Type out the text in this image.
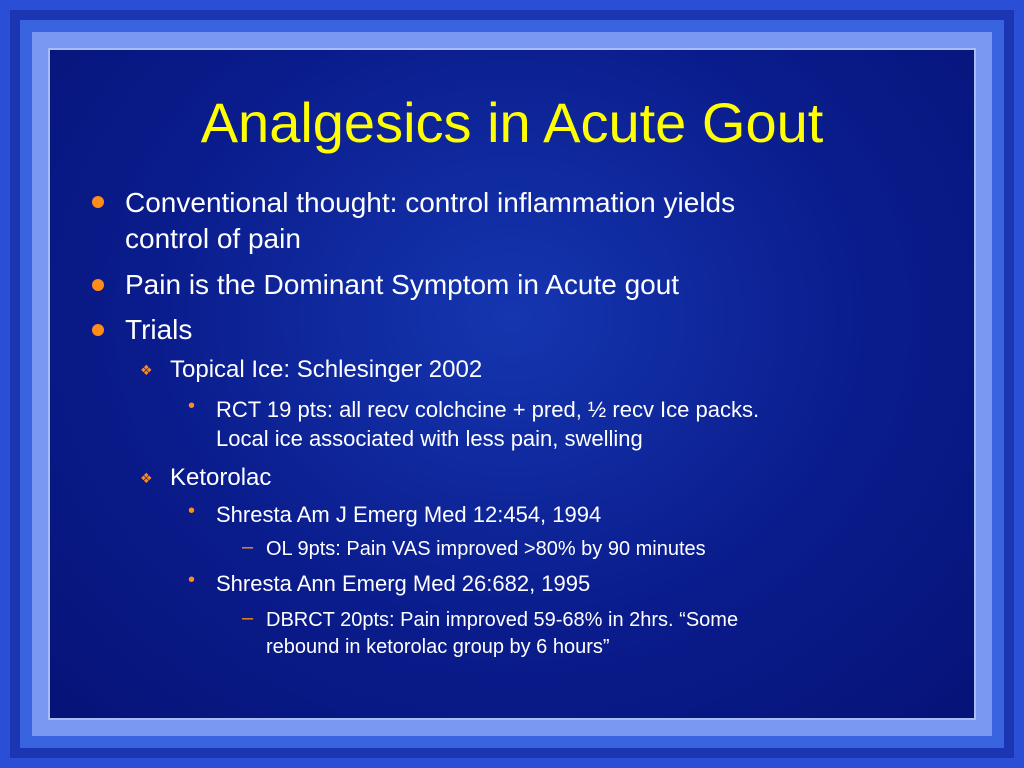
Analgesics in Acute Gout
Conventional thought: control inflammation yields
control of pain
Pain is the Dominant Symptom in Acute gout
Trials
❖ Topical Ice: Schlesinger 2002
• RCT 19 pts: all recv colchcine + pred, ½ recv Ice packs.
Local ice associated with less pain, swelling
❖ Ketorolac
• Shresta Am J Emerg Med 12:454, 1994
– OL 9pts: Pain VAS improved >80% by 90 minutes
• Shresta Ann Emerg Med 26:682, 1995
– DBRCT 20pts: Pain improved 59-68% in 2hrs. “Some
rebound in ketorolac group by 6 hours”
